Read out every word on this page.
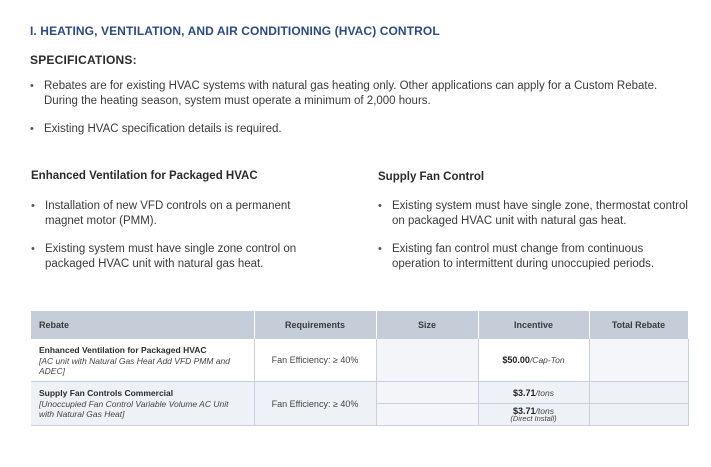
I. HEATING, VENTILATION, AND AIR CONDITIONING (HVAC) CONTROL
SPECIFICATIONS:
• Rebates are for existing HVAC systems with natural gas heating only. Other applications can apply for a Custom Rebate. During the heating season, system must operate a minimum of 2,000 hours.
• Existing HVAC specification details is required.
Enhanced Ventilation for Packaged HVAC
• Installation of new VFD controls on a permanent magnet motor (PMM).
• Existing system must have single zone control on packaged HVAC unit with natural gas heat.
Supply Fan Control
• Existing system must have single zone, thermostat control on packaged HVAC unit with natural gas heat.
• Existing fan control must change from continuous operation to intermittent during unoccupied periods.
Rebate	Requirements	Size	Incentive	Total Rebate

Enhanced Ventilation for Packaged HVAC
[AC unit with Natural Gas Heat Add VFD PMM and ADEC]	Fan Efficiency: ≥ 40%		$50.00/Cap-Ton	

Supply Fan Controls Commercial
[Unoccupied Fan Control Variable Volume AC Unit with Natural Gas Heat]	Fan Efficiency: ≥ 40%		$3.71/tons	
			$3.71/tons
(Direct Install)	
